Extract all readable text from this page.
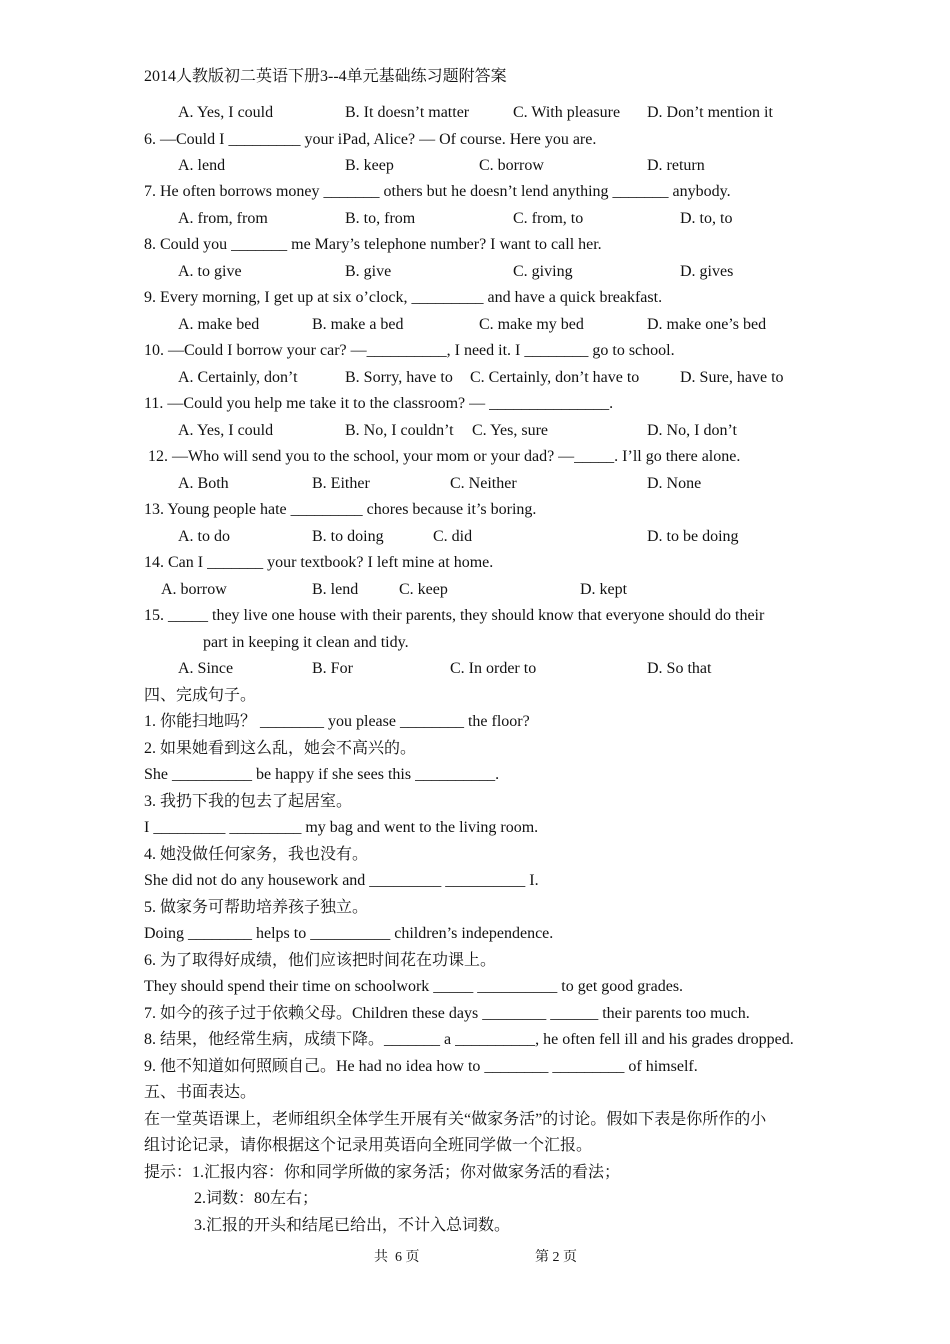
2014人教版初二英语下册3--4单元基础练习题附答案
A. Yes, I could	B. It doesn’t matter	C. With pleasure D. Don’t mention it
6. —Could I _________ your iPad, Alice? — Of course. Here you are.
A. lend	B. keep	C. borrow	D. return
7. He often borrows money _______ others but he doesn’t lend anything _______ anybody.
A. from, from	B. to, from	C. from, to	D. to, to
8. Could you _______ me Mary’s telephone number? I want to call her.
A. to give	B. give	C. giving	D. gives
9. Every morning, I get up at six o’clock, _________ and have a quick breakfast.
A. make bed	B. make a bed	C. make my bed	D. make one’s bed
10. —Could I borrow your car? —__________, I need it. I ________ go to school.
A. Certainly, don’t	B. Sorry, have to C. Certainly, don’t have to	D. Sure, have to
11. —Could you help me take it to the classroom? — _______________.
A. Yes, I could	B. No, I couldn’t C. Yes, sure	D. No, I don’t
12. —Who will send you to the school, your mom or your dad? —_____. I’ll go there alone.
A. Both	B. Either	C. Neither	D. None
13. Young people hate _________ chores because it’s boring.
A. to do	B. to doing	C. did	D. to be doing
14. Can I _______ your textbook? I left mine at home.
A. borrow	B. lend	C. keep	D. kept
15. _____ they live one house with their parents, they should know that everyone should do their
part in keeping it clean and tidy.
A. Since	B. For	C. In order to	D. So that
四、完成句子。
1. 你能扫地吗？ ________ you please ________ the floor?
2. 如果她看到这么乱，她会不高兴的。
She __________ be happy if she sees this __________.
3. 我扔下我的包去了起居室。
I _________ _________ my bag and went to the living room.
4. 她没做任何家务，我也没有。
She did not do any housework and _________ __________ I.
5. 做家务可帮助培养孩子独立。
Doing ________ helps to __________ children’s independence.
6. 为了取得好成绩，他们应该把时间花在功课上。
They should spend their time on schoolwork _____ __________ to get good grades.
7. 如今的孩子过于依赖父母。Children these days ________ ______ their parents too much.
8. 结果，他经常生病，成绩下降。_______ a __________, he often fell ill and his grades dropped.
9. 他不知道如何照顾自己。He had no idea how to ________ _________ of himself.
五、书面表达。
在一堂英语课上，老师组织全体学生开展有关“做家务活”的讨论。假如下表是你所作的小
组讨论记录，请你根据这个记录用英语向全班同学做一个汇报。
提示：1.汇报内容：你和同学所做的家务活；你对做家务活的看法；
2.词数：80左右；
3.汇报的开头和结尾已给出，不计入总词数。
共  6 页	第 2 页
